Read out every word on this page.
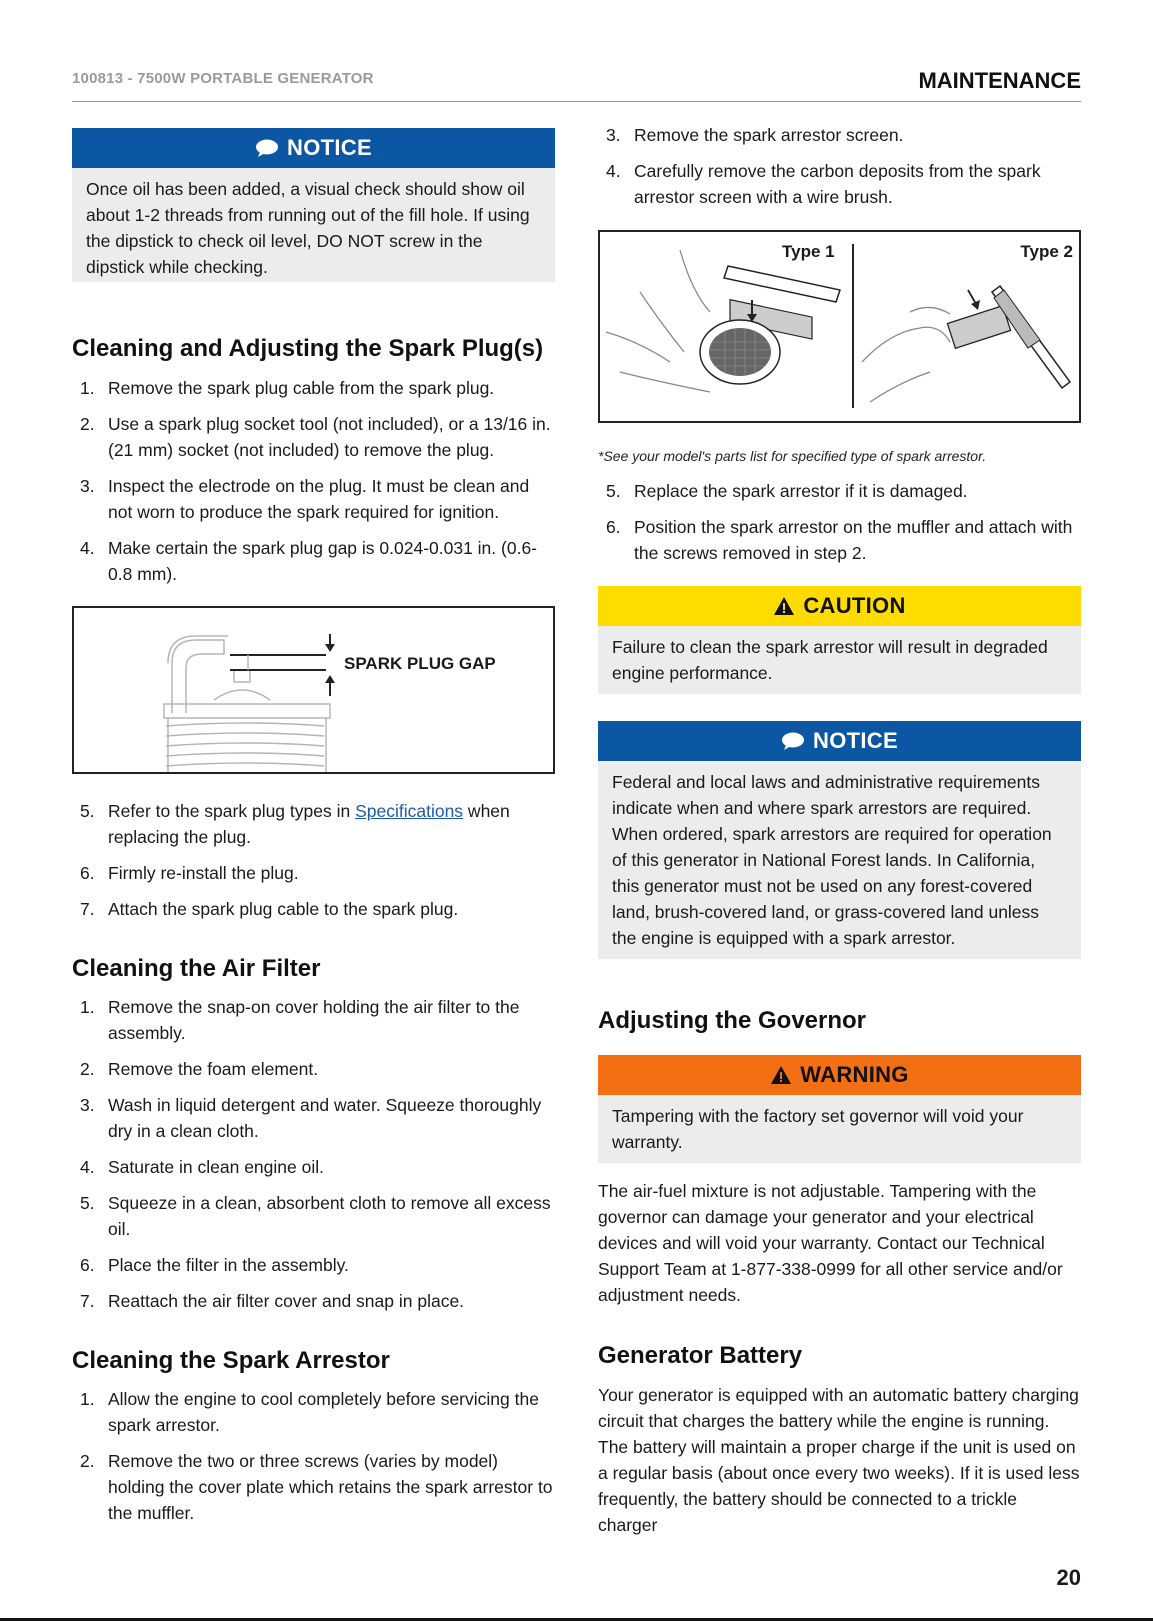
100813 - 7500W PORTABLE GENERATOR	MAINTENANCE
NOTICE
Once oil has been added, a visual check should show oil about 1-2 threads from running out of the fill hole. If using the dipstick to check oil level, DO NOT screw in the dipstick while checking.
Cleaning and Adjusting the Spark Plug(s)
1. Remove the spark plug cable from the spark plug.
2. Use a spark plug socket tool (not included), or a 13/16 in. (21 mm) socket (not included) to remove the plug.
3. Inspect the electrode on the plug. It must be clean and not worn to produce the spark required for ignition.
4. Make certain the spark plug gap is 0.024-0.031 in. (0.6-0.8 mm).
SPARK PLUG GAP
5. Refer to the spark plug types in Specifications when replacing the plug.
6. Firmly re-install the plug.
7. Attach the spark plug cable to the spark plug.
Cleaning the Air Filter
1. Remove the snap-on cover holding the air filter to the assembly.
2. Remove the foam element.
3. Wash in liquid detergent and water. Squeeze thoroughly dry in a clean cloth.
4. Saturate in clean engine oil.
5. Squeeze in a clean, absorbent cloth to remove all excess oil.
6. Place the filter in the assembly.
7. Reattach the air filter cover and snap in place.
Cleaning the Spark Arrestor
1. Allow the engine to cool completely before servicing the spark arrestor.
2. Remove the two or three screws (varies by model) holding the cover plate which retains the spark arrestor to the muffler.
3. Remove the spark arrestor screen.
4. Carefully remove the carbon deposits from the spark arrestor screen with a wire brush.
Type 1	Type 2
*See your model's parts list for specified type of spark arrestor.
5. Replace the spark arrestor if it is damaged.
6. Position the spark arrestor on the muffler and attach with the screws removed in step 2.
CAUTION
Failure to clean the spark arrestor will result in degraded engine performance.
NOTICE
Federal and local laws and administrative requirements indicate when and where spark arrestors are required. When ordered, spark arrestors are required for operation of this generator in National Forest lands. In California, this generator must not be used on any forest-covered land, brush-covered land, or grass-covered land unless the engine is equipped with a spark arrestor.
Adjusting the Governor
WARNING
Tampering with the factory set governor will void your warranty.

The air-fuel mixture is not adjustable. Tampering with the governor can damage your generator and your electrical devices and will void your warranty. Contact our Technical Support Team at 1-877-338-0999 for all other service and/or adjustment needs.

Generator Battery

Your generator is equipped with an automatic battery charging circuit that charges the battery while the engine is running. The battery will maintain a proper charge if the unit is used on a regular basis (about once every two weeks). If it is used less frequently, the battery should be connected to a trickle charger

20
